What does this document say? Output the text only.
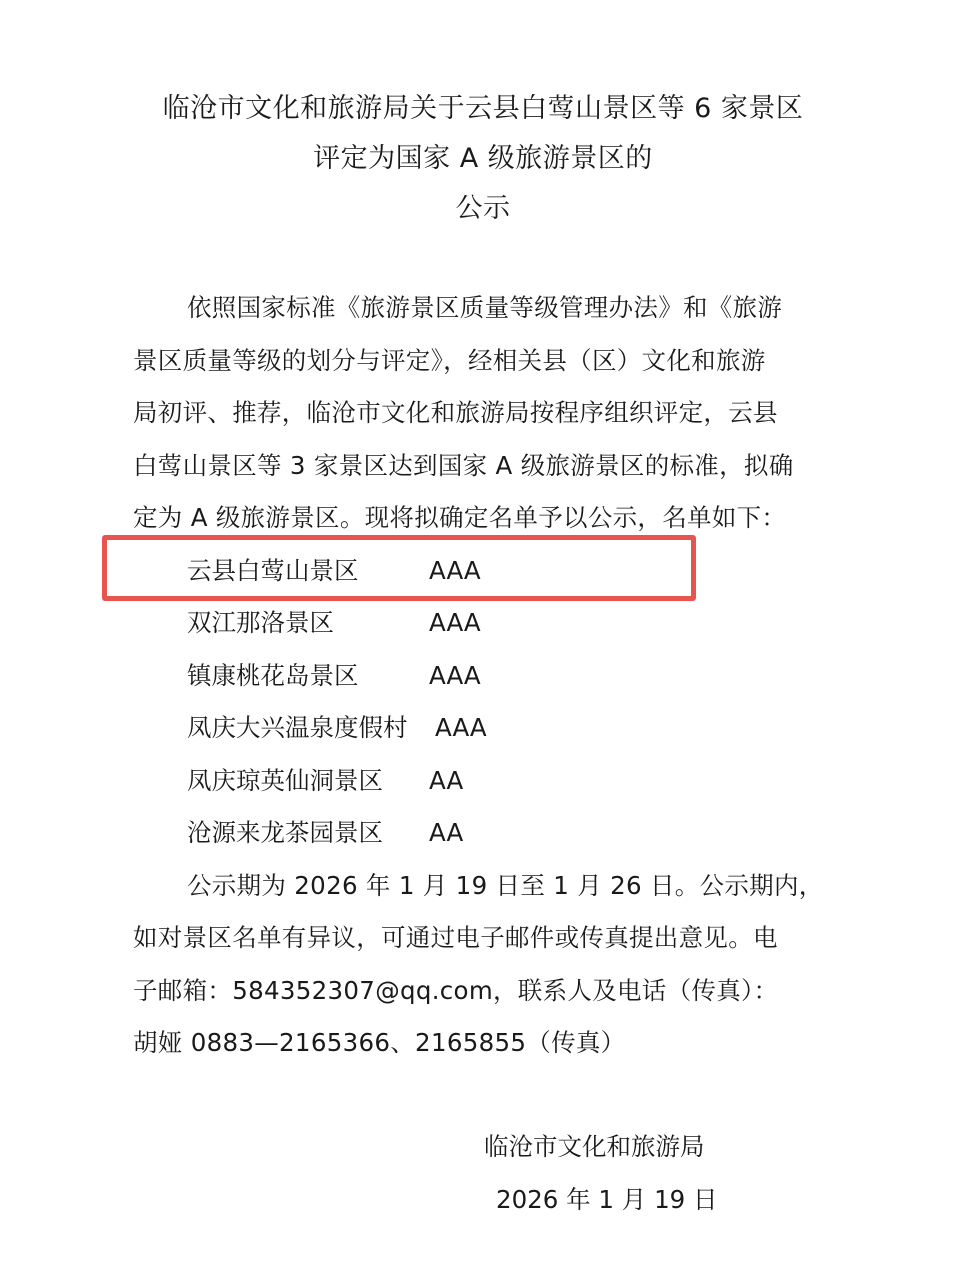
临沧市文化和旅游局关于云县白莺山景区等 6 家景区
评定为国家 A 级旅游景区的
公示
依照国家标准《旅游景区质量等级管理办法》和《旅游
景区质量等级的划分与评定》，经相关县（区）文化和旅游
局初评、推荐，临沧市文化和旅游局按程序组织评定，云县
白莺山景区等 3 家景区达到国家 A 级旅游景区的标准，拟确
定为 A 级旅游景区。现将拟确定名单予以公示，名单如下：
云县白莺山景区	AAA
双江那洛景区	AAA
镇康桃花岛景区	AAA
凤庆大兴温泉度假村 AAA
凤庆琼英仙洞景区 AA
沧源来龙茶园景区 AA
公示期为 2026 年 1 月 19 日至 1 月 26 日。公示期内，
如对景区名单有异议，可通过电子邮件或传真提出意见。电
子邮箱：584352307@qq.com，联系人及电话（传真）：
胡娅 0883—2165366、2165855（传真）
临沧市文化和旅游局
2026 年 1 月 19 日
